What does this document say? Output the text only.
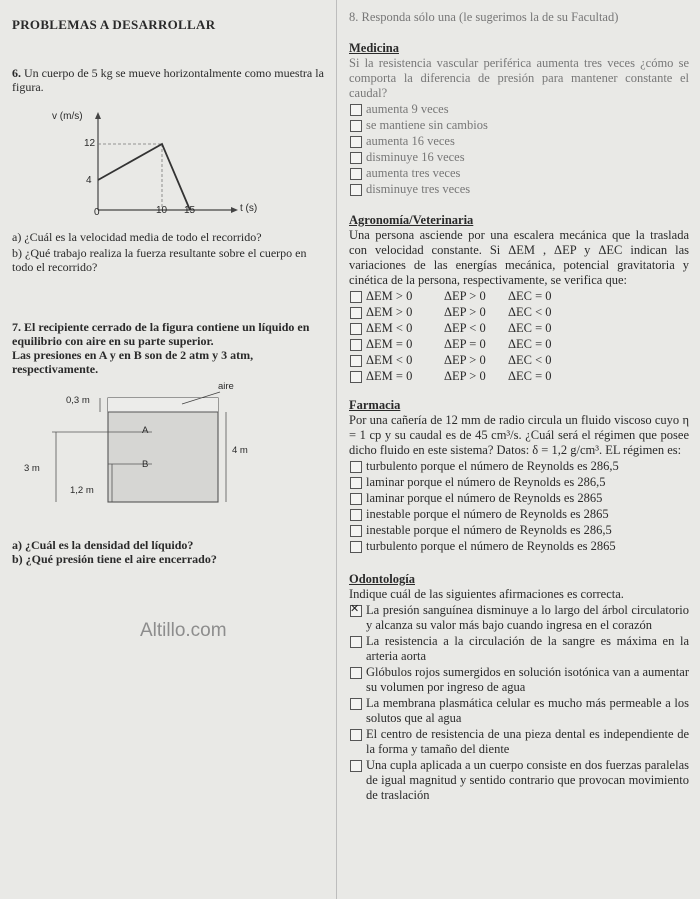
PROBLEMAS A DESARROLLAR
6. Un cuerpo de 5 kg se mueve horizontalmente como muestra la figura.
v (m/s)
12
4
0	10 15	t (s)
a) ¿Cuál es la velocidad media de todo el recorrido?
b) ¿Qué trabajo realiza la fuerza resultante sobre el cuerpo en todo el recorrido?
7. El recipiente cerrado de la figura contiene un líquido en equilibrio con aire en su parte superior.
Las presiones en A y en B son de 2 atm y 3 atm, respectivamente.
aire
0,3 m
A
B
3 m
1,2 m
4 m
a) ¿Cuál es la densidad del líquido?
b) ¿Qué presión tiene el aire encerrado?
Altillo.com
8. Responda sólo una (le sugerimos la de su Facultad)
Medicina
Si la resistencia vascular periférica aumenta tres veces ¿cómo se comporta la diferencia de presión para mantener constante el caudal?
aumenta 9 veces
se mantiene sin cambios
aumenta 16 veces
disminuye 16 veces
aumenta tres veces
disminuye tres veces
Agronomía/Veterinaria
Una persona asciende por una escalera mecánica que la traslada con velocidad constante. Si ΔEM , ΔEP y ΔEC indican las variaciones de las energías mecánica, potencial gravitatoria y cinética de la persona, respectivamente, se verifica que:
ΔEM > 0	ΔEP > 0	ΔEC = 0
ΔEM > 0	ΔEP > 0	ΔEC < 0
ΔEM < 0	ΔEP < 0	ΔEC = 0
ΔEM = 0	ΔEP = 0	ΔEC = 0
ΔEM < 0	ΔEP > 0	ΔEC < 0
ΔEM = 0	ΔEP > 0	ΔEC = 0
Farmacia
Por una cañería de 12 mm de radio circula un fluido viscoso cuyo η = 1 cp y su caudal es de 45 cm³/s. ¿Cuál será el régimen que posee dicho fluido en este sistema? Datos: δ = 1,2 g/cm³. EL régimen es:
turbulento porque el número de Reynolds es 286,5
laminar porque el número de Reynolds es 286,5
laminar porque el número de Reynolds es 2865
inestable porque el número de Reynolds es 2865
inestable porque el número de Reynolds es 286,5
turbulento porque el número de Reynolds es 2865
Odontología
Indique cuál de las siguientes afirmaciones es correcta.
✕
La presión sanguínea disminuye a lo largo del árbol circulatorio y alcanza su valor más bajo cuando ingresa en el corazón
La resistencia a la circulación de la sangre es máxima en la arteria aorta
Glóbulos rojos sumergidos en solución isotónica van a aumentar su volumen por ingreso de agua
La membrana plasmática celular es mucho más permeable a los solutos que al agua
El centro de resistencia de una pieza dental es independiente de la forma y tamaño del diente
Una cupla aplicada a un cuerpo consiste en dos fuerzas paralelas de igual magnitud y sentido contrario que provocan movimiento de traslación
